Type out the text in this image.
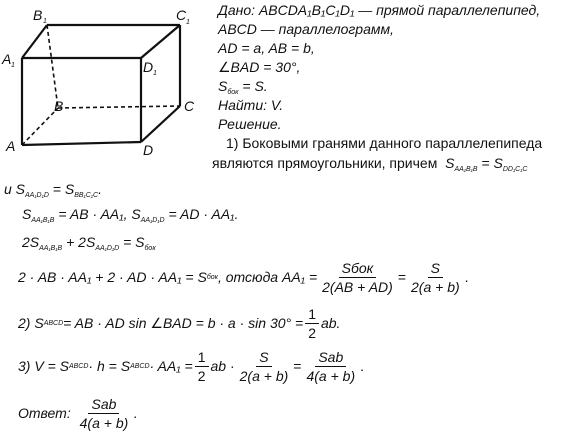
B 1	C 1
A 1	D 1
B	C
A	D
Дано: ABCDA₁B₁C₁D₁ — прямой параллелепипед,
ABCD — параллелограмм,
AD = a, AB = b,
∠BAD = 30°,
$S_{бок} = S$.
Найти: V.
Решение.
1) Боковыми гранями данного параллелепипеда
являются прямоугольники, причем $S_{AA_1B_1B} = S_{DD_1C_1C}$
и $S_{AA_1D_1D} = S_{BB_1C_1C}$.
$S_{AA_1B_1B}$ = AB · AA₁, $S_{AA_1D_1D}$ = AD · AA₁.
$2S_{AA_1B_1B} + 2S_{AA_1D_1D} = S_{бок}$
2 · AB · AA₁ + 2 · AD · AA₁ = S бок , отсюда $AA_1 = \frac{\text{Sбок}}{2(AB + AD)} = \frac{S}{2(a + b)}$ .
2) S ABCD = AB · AD sin ∠BAD = $b \cdot a \cdot \sin 30^\circ = \frac{1}{2}$ ab.
3) V = S ABCD · h = S ABCD · $AA_1 = \frac{1}{2}$ ab · $\frac{S}{2(a + b)} = \frac{\text{Sab}}{4(a + b)}$ .
Ответ:
$\frac{\text{Sab}}{4(a + b)}$ .
